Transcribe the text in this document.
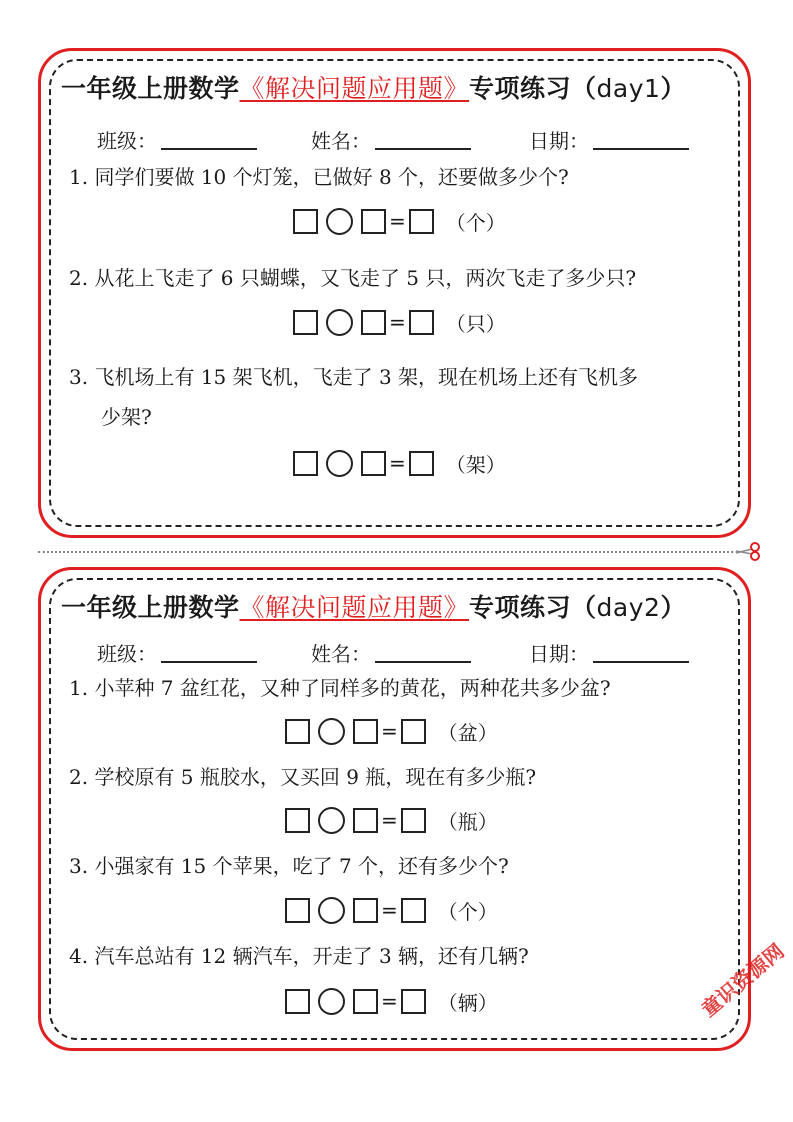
一年级上册数学《解决问题应用题》专项练习（day1）
班级：	姓名：	日期：
1. 同学们要做 10 个灯笼，已做好 8 个，还要做多少个?
= （个）
2. 从花上飞走了 6 只蝴蝶，又飞走了 5 只，两次飞走了多少只?
= （只）
3. 飞机场上有 15 架飞机，飞走了 3 架，现在机场上还有飞机多
少架?
= （架）
一年级上册数学《解决问题应用题》专项练习（day2）
班级：	姓名：	日期：
1. 小苹种 7 盆红花，又种了同样多的黄花，两种花共多少盆?
= （盆）
2. 学校原有 5 瓶胶水，又买回 9 瓶，现在有多少瓶?
= （瓶）
3. 小强家有 15 个苹果，吃了 7 个，还有多少个?
= （个）
4. 汽车总站有 12 辆汽车，开走了 3 辆，还有几辆?
= （辆）	童识资源网
